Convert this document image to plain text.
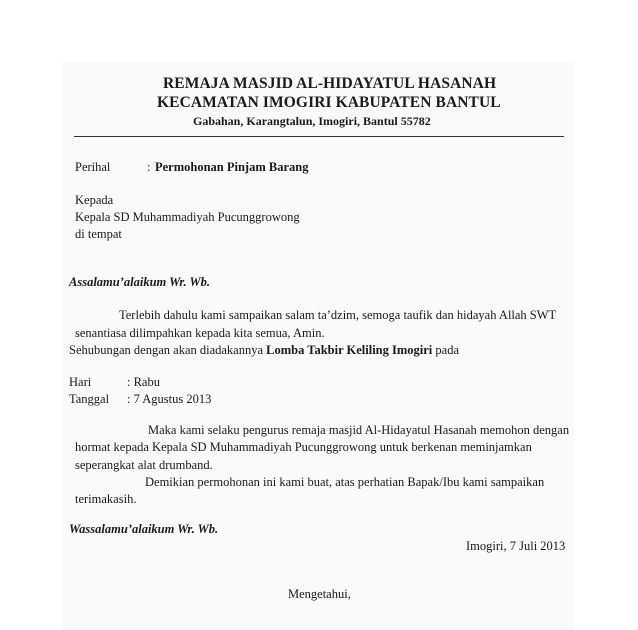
REMAJA MASJID AL-HIDAYATUL HASANAH
KECAMATAN IMOGIRI KABUPATEN BANTUL
Gabahan, Karangtalun, Imogiri, Bantul 55782
Perihal	: Permohonan Pinjam Barang
Kepada
Kepala SD Muhammadiyah Pucunggrowong
di tempat
Assalamu’alaikum Wr. Wb.
Terlebih dahulu kami sampaikan salam ta’dzim, semoga taufik dan hidayah Allah SWT
senantiasa dilimpahkan kepada kita semua, Amin.
Sehubungan dengan akan diadakannya Lomba Takbir Keliling Imogiri pada
Hari	: Rabu
Tanggal : 7 Agustus 2013
Maka kami selaku pengurus remaja masjid Al-Hidayatul Hasanah memohon dengan
hormat kepada Kepala SD Muhammadiyah Pucunggrowong untuk berkenan meminjamkan
seperangkat alat drumband.
Demikian permohonan ini kami buat, atas perhatian Bapak/Ibu kami sampaikan
terimakasih.
Wassalamu’alaikum Wr. Wb.
Imogiri, 7 Juli 2013
Mengetahui,
